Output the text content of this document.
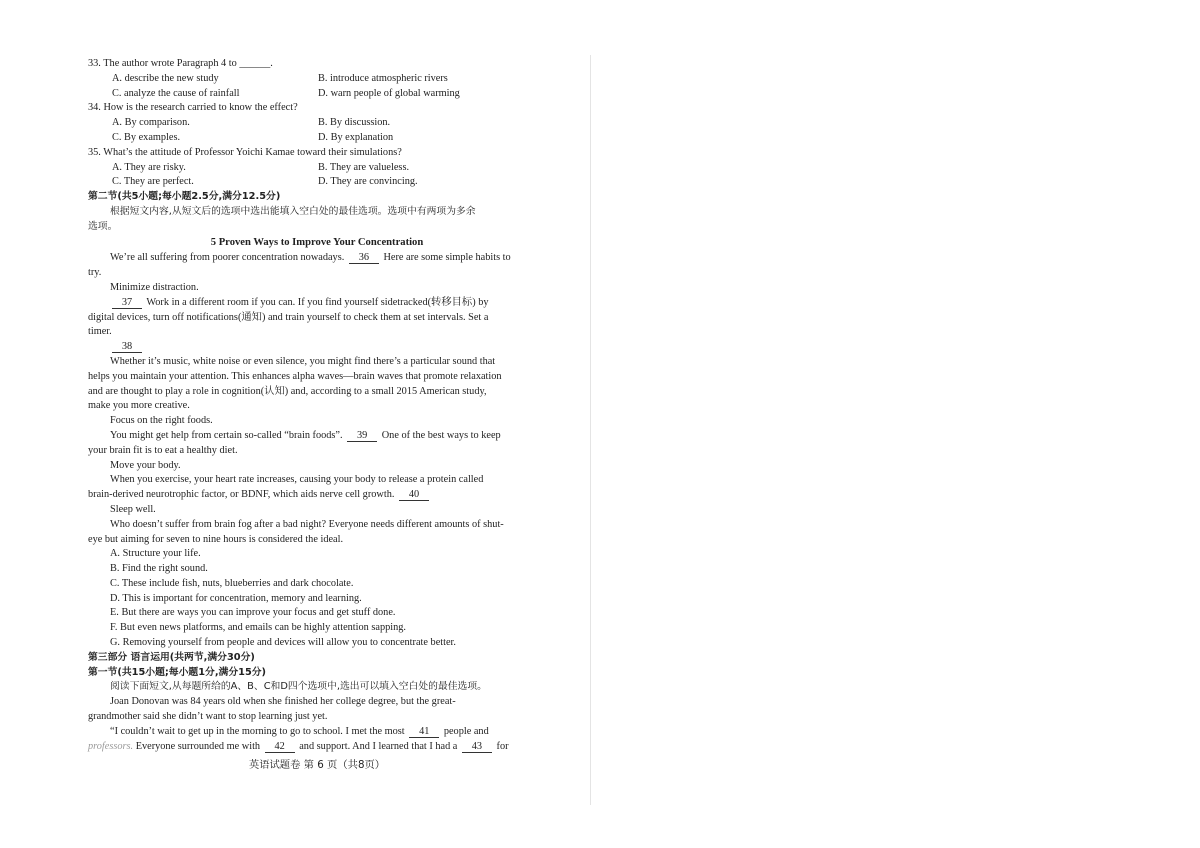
33. The author wrote Paragraph 4 to ______.
A. describe the new study	B. introduce atmospheric rivers
C. analyze the cause of rainfall	D. warn people of global warming
34. How is the research carried to know the effect?
A. By comparison.	B. By discussion.
C. By examples.	D. By explanation
35. What’s the attitude of Professor Yoichi Kamae toward their simulations?
A. They are risky.	B. They are valueless.
C. They are perfect.	D. They are convincing.
第二节(共5小题;每小题2.5分,满分12.5分)
根据短文内容,从短文后的选项中选出能填入空白处的最佳选项。选项中有两项为多余
选项。
5 Proven Ways to Improve Your Concentration
We’re all suffering from poorer concentration nowadays. 36 Here are some simple habits to
try.
Minimize distraction.
37 Work in a different room if you can. If you find yourself sidetracked(转移目标) by
digital devices, turn off notifications(通知) and train yourself to check them at set intervals. Set a
timer.
38
Whether it’s music, white noise or even silence, you might find there’s a particular sound that
helps you maintain your attention. This enhances alpha waves—brain waves that promote relaxation
and are thought to play a role in cognition(认知) and, according to a small 2015 American study,
make you more creative.
Focus on the right foods.
You might get help from certain so-called “brain foods”. 39 One of the best ways to keep
your brain fit is to eat a healthy diet.
Move your body.
When you exercise, your heart rate increases, causing your body to release a protein called
brain-derived neurotrophic factor, or BDNF, which aids nerve cell growth. 40
Sleep well.
Who doesn’t suffer from brain fog after a bad night? Everyone needs different amounts of shut-
eye but aiming for seven to nine hours is considered the ideal.
A. Structure your life.
B. Find the right sound.
C. These include fish, nuts, blueberries and dark chocolate.
D. This is important for concentration, memory and learning.
E. But there are ways you can improve your focus and get stuff done.
F. But even news platforms, and emails can be highly attention sapping.
G. Removing yourself from people and devices will allow you to concentrate better.
第三部分 语言运用(共两节,满分30分)
第一节(共15小题;每小题1分,满分15分)
阅读下面短文,从每题所给的A、B、C和D四个选项中,选出可以填入空白处的最佳选项。
Joan Donovan was 84 years old when she finished her college degree, but the great-
grandmother said she didn’t want to stop learning just yet.
“I couldn’t wait to get up in the morning to go to school. I met the most 41 people and
professors. Everyone surrounded me with 42 and support. And I learned that I had a 43 for
英语试题卷 第 6 页（共8页）
